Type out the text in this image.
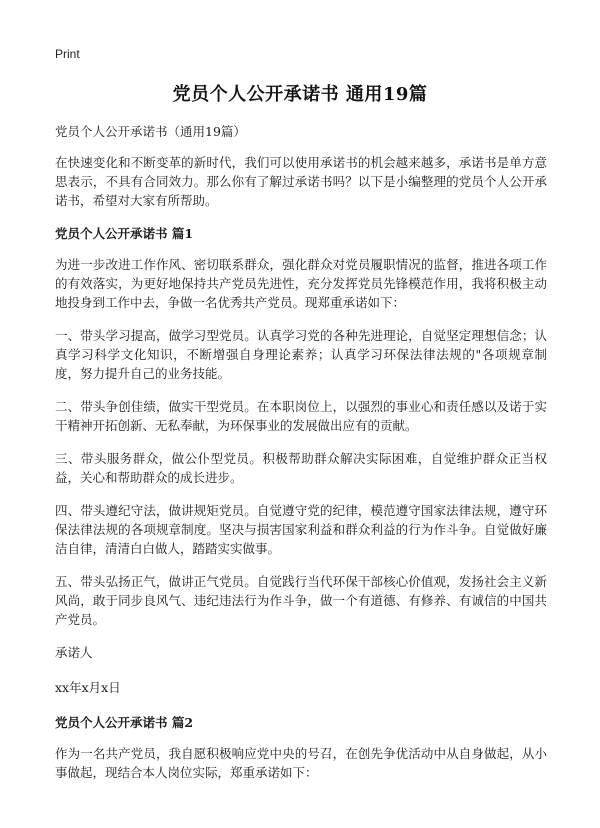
Print
党员个人公开承诺书 通用19篇

党员个人公开承诺书（通用19篇）

在快速变化和不断变革的新时代，我们可以使用承诺书的机会越来越多，承诺书是单方意思表示，不具有合同效力。那么你有了解过承诺书吗？以下是小编整理的党员个人公开承诺书，希望对大家有所帮助。

党员个人公开承诺书 篇1

为进一步改进工作作风、密切联系群众，强化群众对党员履职情况的监督，推进各项工作的有效落实，为更好地保持共产党员先进性，充分发挥党员先锋模范作用，我将积极主动地投身到工作中去，争做一名优秀共产党员。现郑重承诺如下：

一、带头学习提高，做学习型党员。认真学习党的各种先进理论，自觉坚定理想信念；认真学习科学文化知识，不断增强自身理论素养；认真学习环保法律法规的"各项规章制度，努力提升自己的业务技能。

二、带头争创佳绩，做实干型党员。在本职岗位上，以强烈的事业心和责任感以及诺于实干精神开拓创新、无私奉献，为环保事业的发展做出应有的贡献。

三、带头服务群众，做公仆型党员。积极帮助群众解决实际困难，自觉维护群众正当权益，关心和帮助群众的成长进步。

四、带头遵纪守法，做讲规矩党员。自觉遵守党的纪律，模范遵守国家法律法规，遵守环保法律法规的各项规章制度。坚决与损害国家利益和群众利益的行为作斗争。自觉做好廉洁自律，清清白白做人，踏踏实实做事。

五、带头弘扬正气，做讲正气党员。自觉践行当代环保干部核心价值观，发扬社会主义新风尚，敢于同步良风气、违纪违法行为作斗争，做一个有道德、有修养、有诚信的中国共产党员。

承诺人

xx年x月x日

党员个人公开承诺书 篇2

作为一名共产党员，我自愿积极响应党中央的号召，在创先争优活动中从自身做起，从小事做起，现结合本人岗位实际，郑重承诺如下：
